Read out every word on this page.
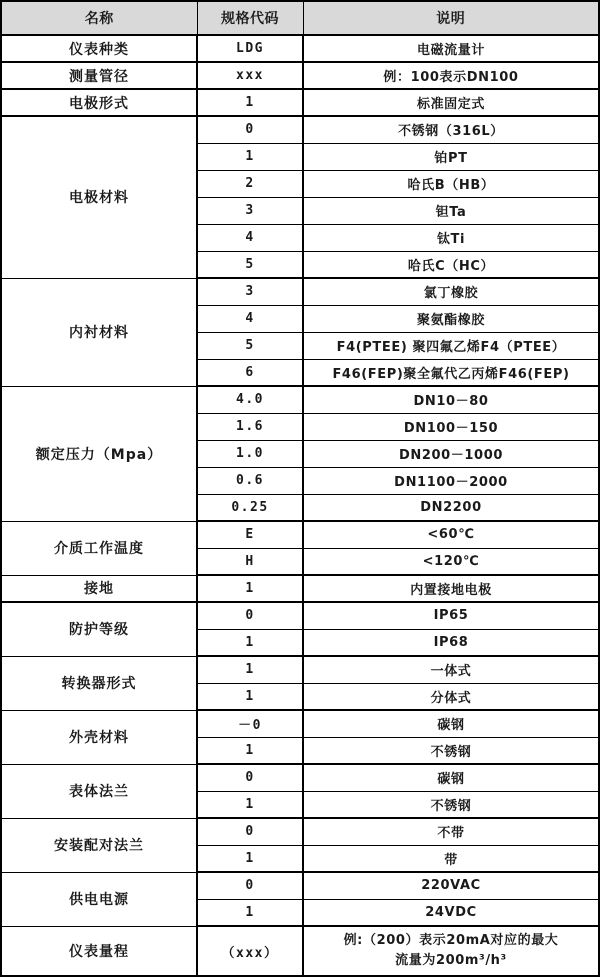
名称	规格代码	说明
仪表种类	LDG	电磁流量计
测量管径	xxx	例：100表示DN100
电极形式	1	标准固定式
电极材料	0	不锈钢（316L）
	1	铂PT
	2	哈氏B（HB）
	3	钽Ta
	4	钛Ti
	5	哈氏C（HC）
内衬材料	3	氯丁橡胶
	4	聚氨酯橡胶
	5	F4(PTEE) 聚四氟乙烯F4（PTEE）
	6	F46(FEP)聚全氟代乙丙烯F46(FEP)
额定压力（Mpa）	4.0	DN10－80
	1.6	DN100－150
	1.0	DN200－1000
	0.6	DN1100－2000
	0.25	DN2200
介质工作温度	E	<60℃
	H	<120℃
接地	1	内置接地电极
防护等级	0	IP65
	1	IP68
转换器形式	1	一体式
	1	分体式
外壳材料	－0	碳钢
	1	不锈钢
表体法兰	0	碳钢
	1	不锈钢
安装配对法兰	0	不带
	1	带
供电电源	0	220VAC
	1	24VDC
仪表量程	（xxx）	例:（200）表示20mA对应的最大
流量为200m³/h³
